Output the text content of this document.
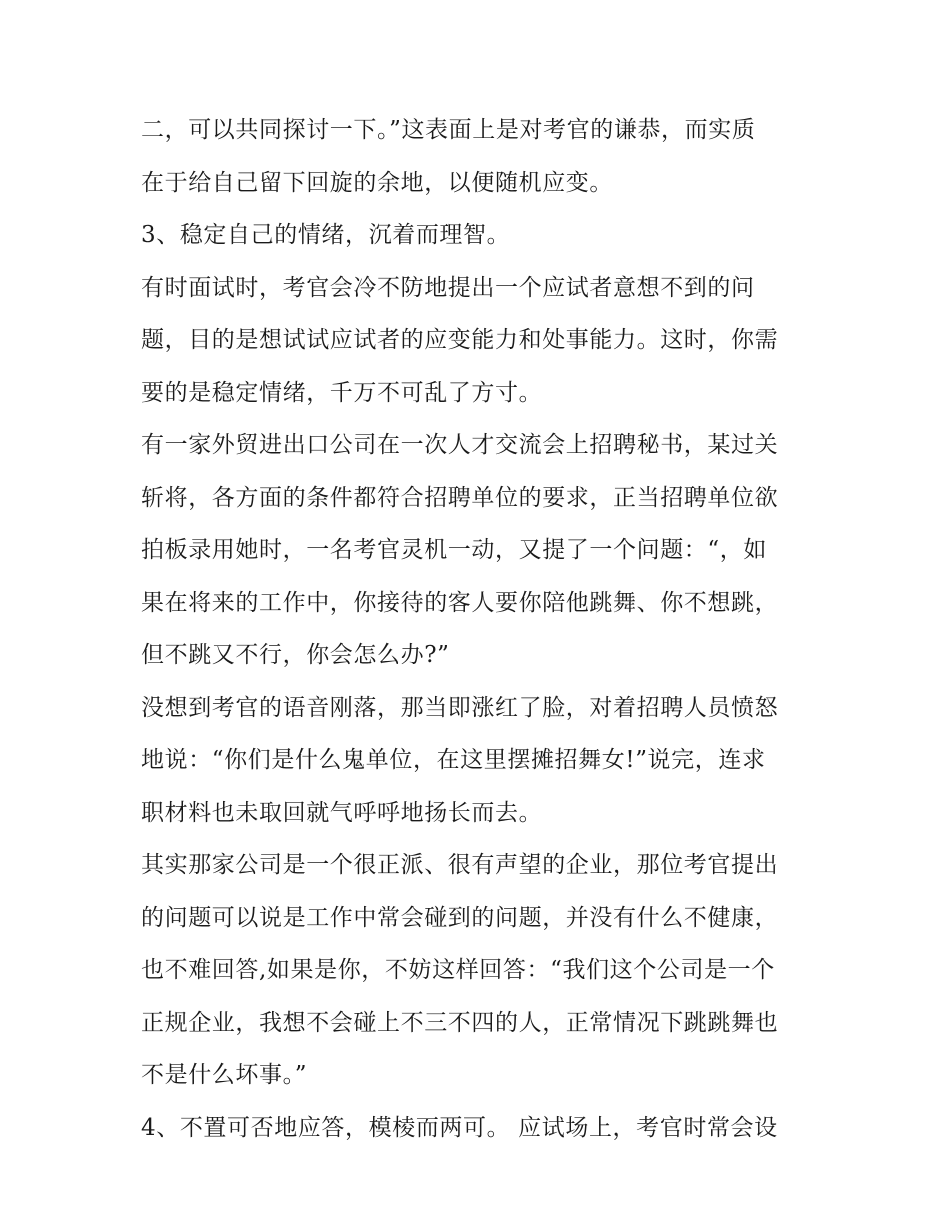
二，可以共同探讨一下。”这表面上是对考官的谦恭，而实质
在于给自己留下回旋的余地，以便随机应变。
3、稳定自己的情绪，沉着而理智。
有时面试时，考官会冷不防地提出一个应试者意想不到的问
题，目的是想试试应试者的应变能力和处事能力。这时，你需
要的是稳定情绪，千万不可乱了方寸。
有一家外贸进出口公司在一次人才交流会上招聘秘书，某过关
斩将，各方面的条件都符合招聘单位的要求，正当招聘单位欲
拍板录用她时，一名考官灵机一动，又提了一个问题：“，如
果在将来的工作中，你接待的客人要你陪他跳舞、你不想跳，
但不跳又不行，你会怎么办?”
没想到考官的语音刚落，那当即涨红了脸，对着招聘人员愤怒
地说：“你们是什么鬼单位，在这里摆摊招舞女!”说完，连求
职材料也未取回就气呼呼地扬长而去。
其实那家公司是一个很正派、很有声望的企业，那位考官提出
的问题可以说是工作中常会碰到的问题，并没有什么不健康，
也不难回答,如果是你，不妨这样回答：“我们这个公司是一个
正规企业，我想不会碰上不三不四的人，正常情况下跳跳舞也
不是什么坏事。”
4、不置可否地应答，模棱而两可。 应试场上，考官时常会设
